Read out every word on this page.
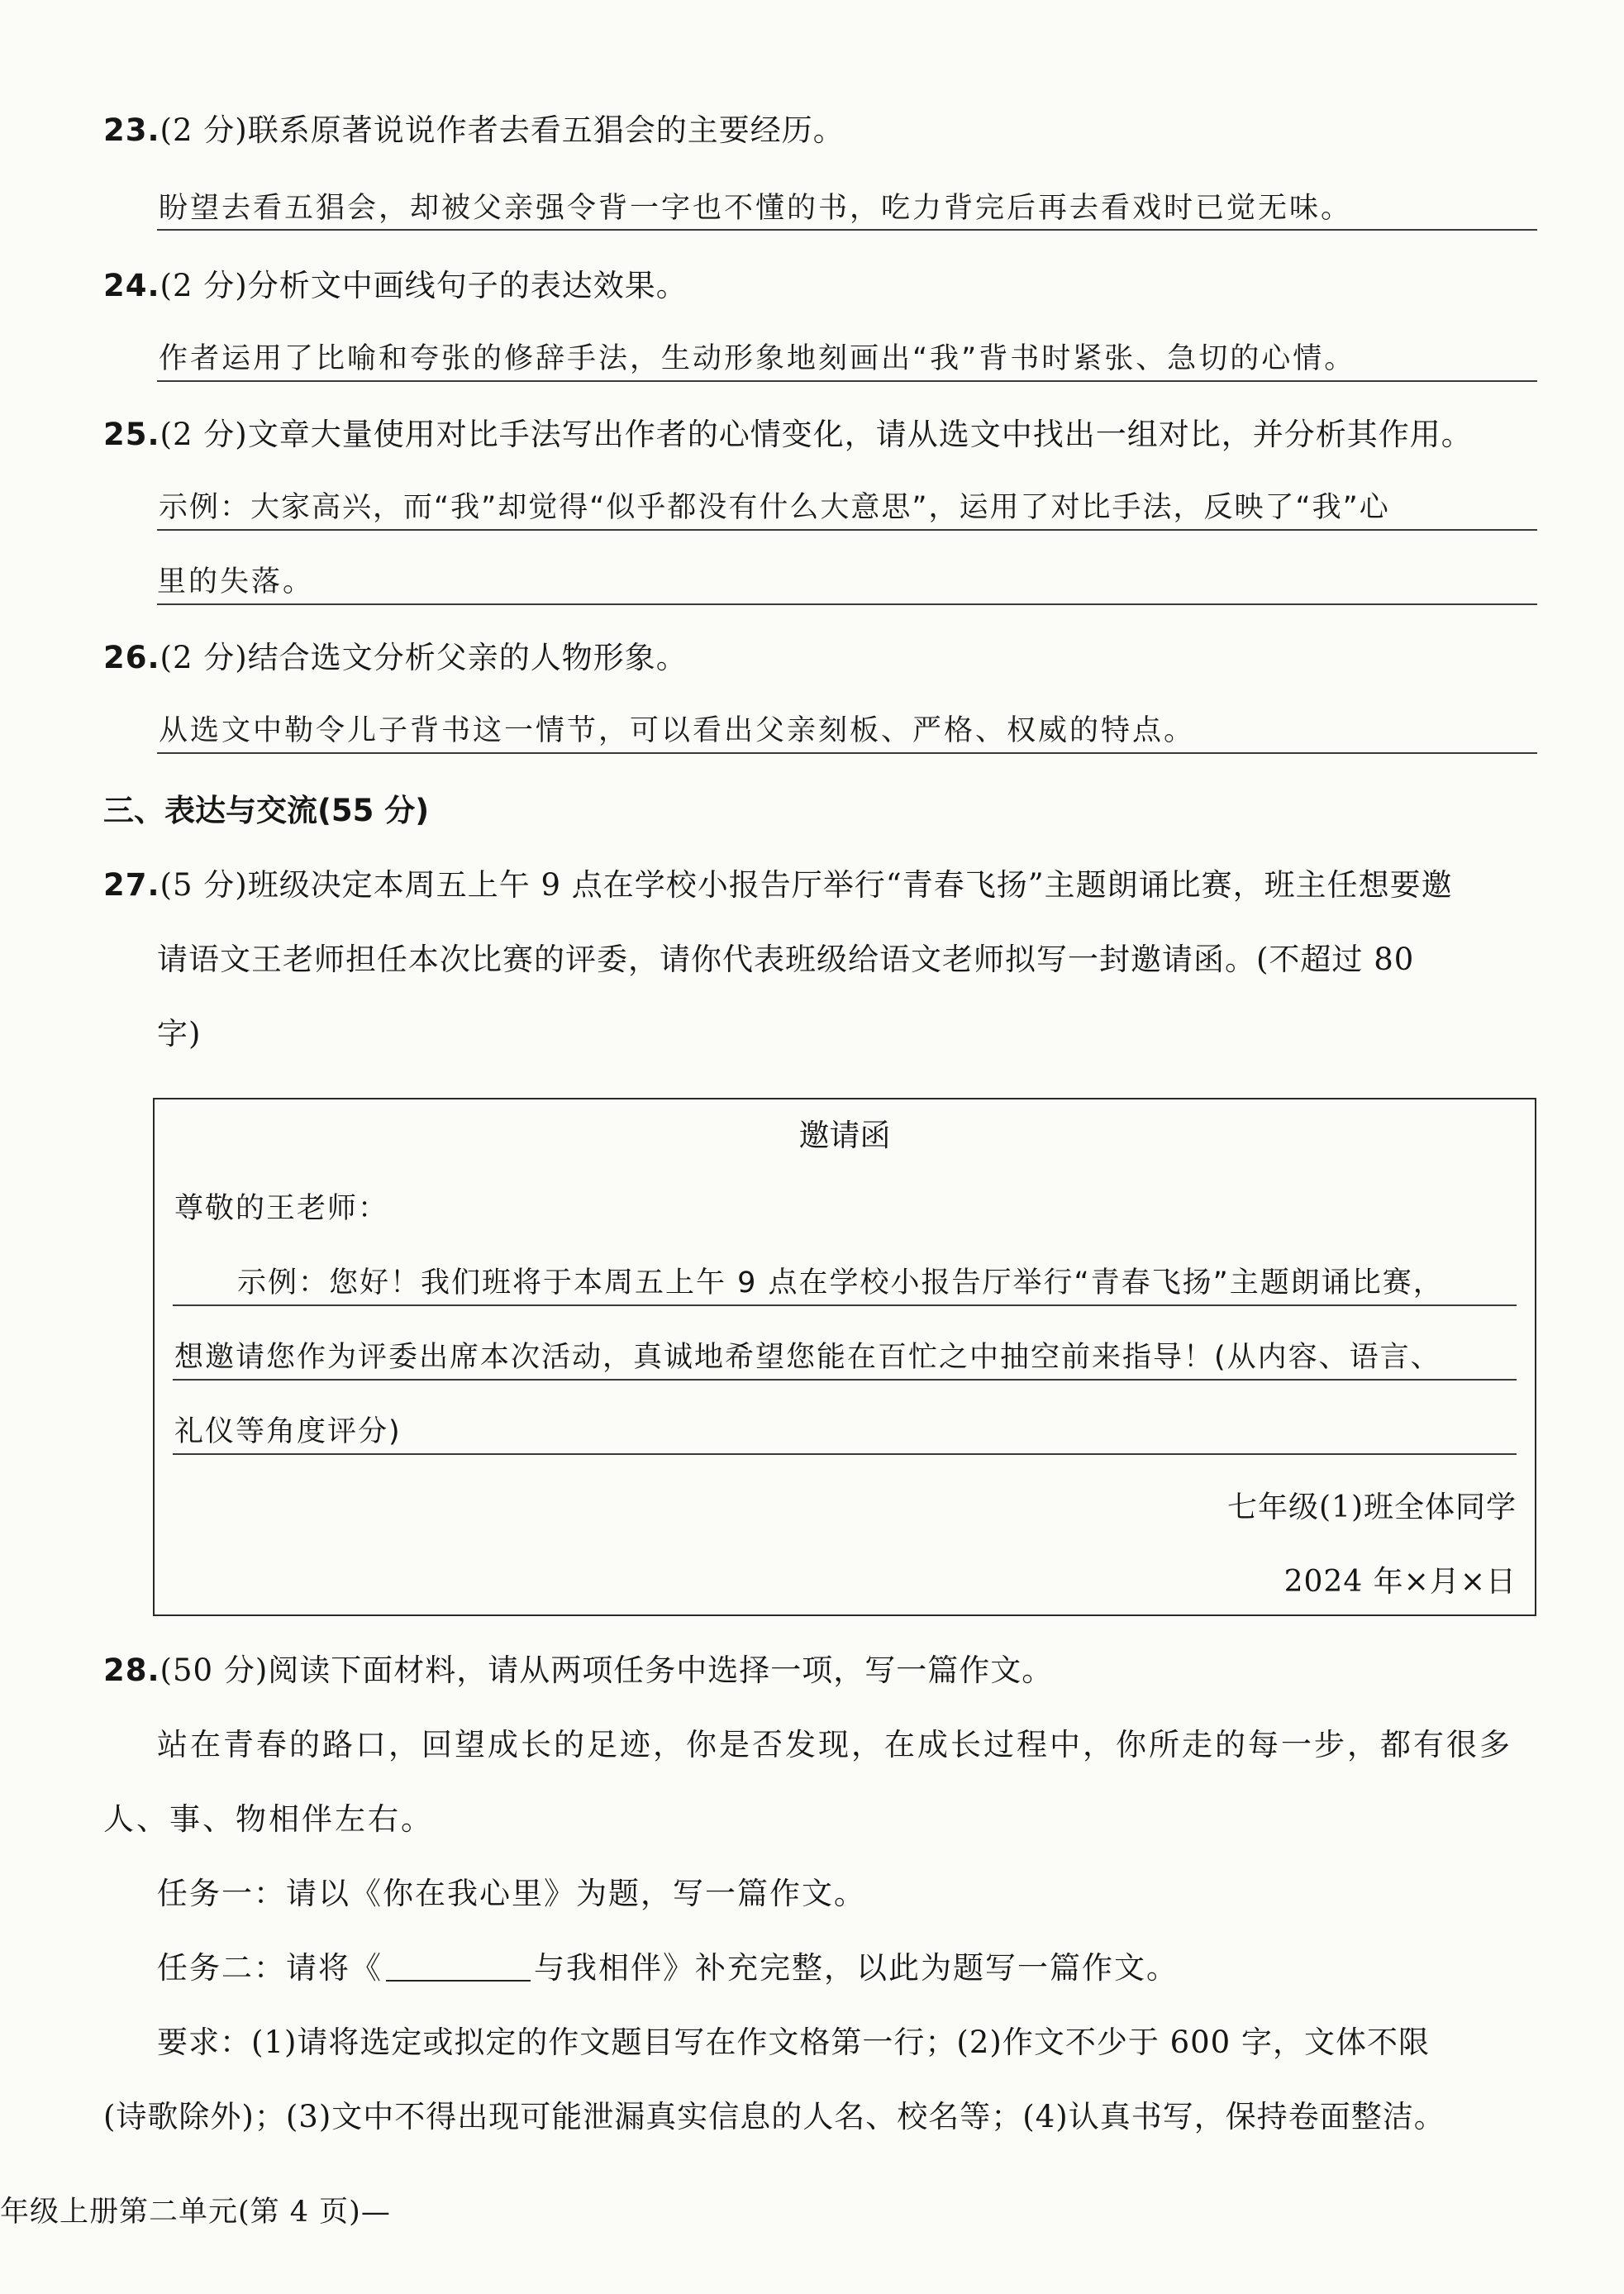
23.(2 分)联系原著说说作者去看五猖会的主要经历。
盼望去看五猖会，却被父亲强令背一字也不懂的书，吃力背完后再去看戏时已觉无味。
24.(2 分)分析文中画线句子的表达效果。
作者运用了比喻和夸张的修辞手法，生动形象地刻画出“我”背书时紧张、急切的心情。
25.(2 分)文章大量使用对比手法写出作者的心情变化，请从选文中找出一组对比，并分析其作用。
示例：大家高兴，而“我”却觉得“似乎都没有什么大意思”，运用了对比手法，反映了“我”心
里的失落。
26.(2 分)结合选文分析父亲的人物形象。
从选文中勒令儿子背书这一情节，可以看出父亲刻板、严格、权威的特点。
三、表达与交流(55 分)
27.(5 分)班级决定本周五上午 9 点在学校小报告厅举行“青春飞扬”主题朗诵比赛，班主任想要邀
请语文王老师担任本次比赛的评委，请你代表班级给语文老师拟写一封邀请函。(不超过 80
字)
邀请函
尊敬的王老师：
示例：您好！我们班将于本周五上午 9 点在学校小报告厅举行“青春飞扬”主题朗诵比赛，
想邀请您作为评委出席本次活动，真诚地希望您能在百忙之中抽空前来指导！(从内容、语言、
礼仪等角度评分)
七年级(1)班全体同学
2024 年×月×日
28.(50 分)阅读下面材料，请从两项任务中选择一项，写一篇作文。
站在青春的路口，回望成长的足迹，你是否发现，在成长过程中，你所走的每一步，都有很多
人、事、物相伴左右。
任务一：请以《你在我心里》为题，写一篇作文。
任务二：请将《	与我相伴》补充完整，以此为题写一篇作文。
要求：(1)请将选定或拟定的作文题目写在作文格第一行；(2)作文不少于 600 字，文体不限
(诗歌除外)；(3)文中不得出现可能泄漏真实信息的人名、校名等；(4)认真书写，保持卷面整洁。
年级上册第二单元(第 4 页)—
